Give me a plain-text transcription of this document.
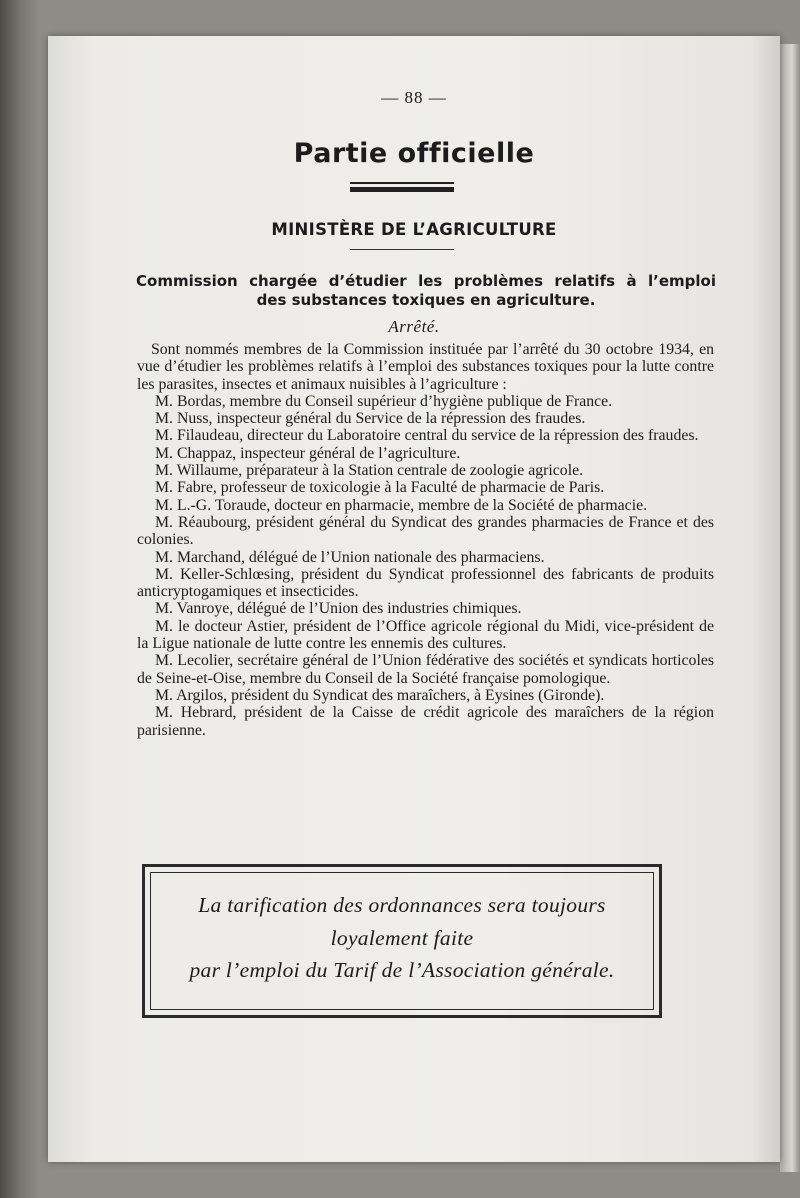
— 88 —
Partie officielle
MINISTÈRE DE L’AGRICULTURE
Commission chargée d’étudier les problèmes relatifs à l’emploi
des substances toxiques en agriculture.
Arrêté.

Sont nommés membres de la Commission instituée par l’arrêté du 30 octobre 1934, en vue d’étudier les problèmes relatifs à l’emploi des substances toxiques pour la lutte contre les parasites, insectes et animaux nuisibles à l’agriculture :

M. Bordas, membre du Conseil supérieur d’hygiène publique de France.

M. Nuss, inspecteur général du Service de la répression des fraudes.

M. Filaudeau, directeur du Laboratoire central du service de la répression des fraudes.

M. Chappaz, inspecteur général de l’agriculture.

M. Willaume, préparateur à la Station centrale de zoologie agricole.

M. Fabre, professeur de toxicologie à la Faculté de pharmacie de Paris.

M. L.-G. Toraude, docteur en pharmacie, membre de la Société de pharmacie.

M. Réaubourg, président général du Syndicat des grandes pharmacies de France et des colonies.

M. Marchand, délégué de l’Union nationale des pharmaciens.

M. Keller-Schlœsing, président du Syndicat professionnel des fabricants de produits anticryptogamiques et insecticides.

M. Vanroye, délégué de l’Union des industries chimiques.

M. le docteur Astier, président de l’Office agricole régional du Midi, vice-président de la Ligue nationale de lutte contre les ennemis des cultures.

M. Lecolier, secrétaire général de l’Union fédérative des sociétés et syndicats horticoles de Seine-et-Oise, membre du Conseil de la Société française pomologique.

M. Argilos, président du Syndicat des maraîchers, à Eysines (Gironde).

M. Hebrard, président de la Caisse de crédit agricole des maraîchers de la région parisienne.

La tarification des ordonnances sera toujours
loyalement faite
par l’emploi du Tarif de l’Association générale.
